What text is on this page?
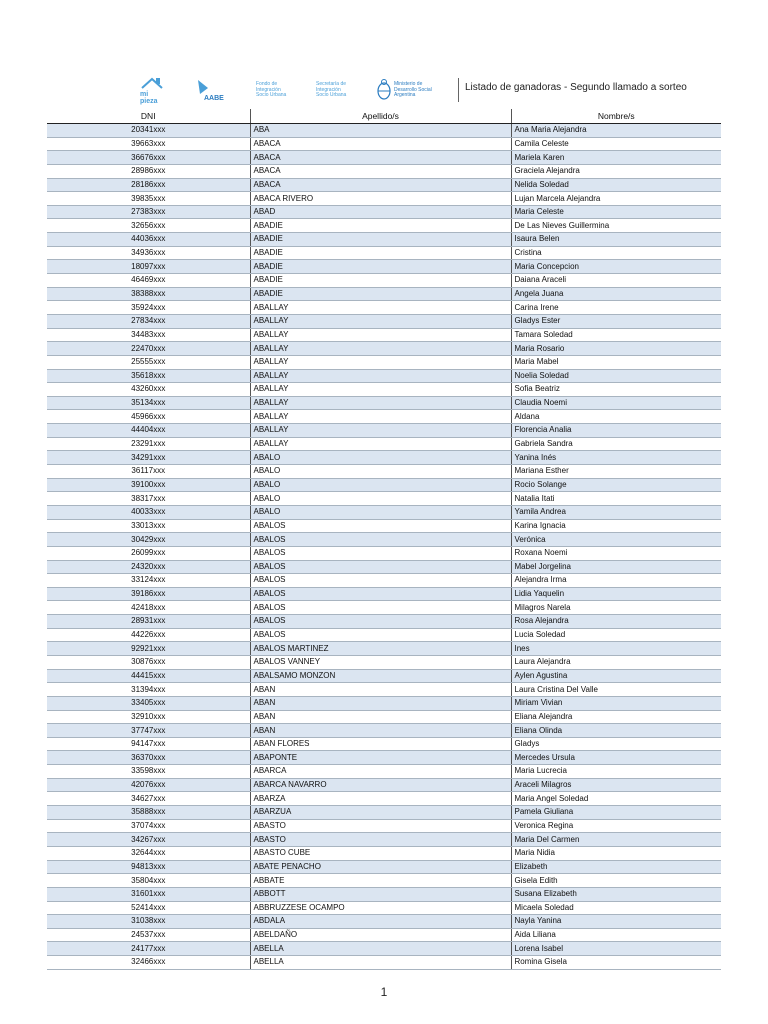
mi
pieza	AABE
Fondo de
Integración
Socio Urbana
Secretaría de
Integración
Socio Urbana
Ministerio de
Desarrollo Social
Argentina
Listado de ganadoras - Segundo llamado a sorteo
DNI	Apellido/s	Nombre/s
20341xxx	ABA	Ana Maria Alejandra
39663xxx	ABACA	Camila Celeste
36676xxx	ABACA	Mariela Karen
28986xxx	ABACA	Graciela Alejandra
28186xxx	ABACA	Nelida Soledad
39835xxx	ABACA RIVERO	Lujan Marcela Alejandra
27383xxx	ABAD	Maria Celeste
32656xxx	ABADIE	De Las Nieves Guillermina
44036xxx	ABADIE	Isaura Belen
34936xxx	ABADIE	Cristina
18097xxx	ABADIE	Maria Concepcion
46469xxx	ABADIE	Daiana Araceli
38388xxx	ABADIE	Angela Juana
35924xxx	ABALLAY	Carina Irene
27834xxx	ABALLAY	Gladys Ester
34483xxx	ABALLAY	Tamara Soledad
22470xxx	ABALLAY	Maria Rosario
25555xxx	ABALLAY	Maria Mabel
35618xxx	ABALLAY	Noelia Soledad
43260xxx	ABALLAY	Sofia Beatriz
35134xxx	ABALLAY	Claudia Noemi
45966xxx	ABALLAY	Aldana
44404xxx	ABALLAY	Florencia Analia
23291xxx	ABALLAY	Gabriela Sandra
34291xxx	ABALO	Yanina Inés
36117xxx	ABALO	Mariana Esther
39100xxx	ABALO	Rocio Solange
38317xxx	ABALO	Natalia Itati
40033xxx	ABALO	Yamila Andrea
33013xxx	ABALOS	Karina Ignacia
30429xxx	ABALOS	Verónica
26099xxx	ABALOS	Roxana Noemi
24320xxx	ABALOS	Mabel Jorgelina
33124xxx	ABALOS	Alejandra Irma
39186xxx	ABALOS	Lidia Yaquelin
42418xxx	ABALOS	Milagros Narela
28931xxx	ABALOS	Rosa Alejandra
44226xxx	ABALOS	Lucia Soledad
92921xxx	ABALOS MARTINEZ	Ines
30876xxx	ABALOS VANNEY	Laura Alejandra
44415xxx	ABALSAMO MONZON	Aylen Agustina
31394xxx	ABAN	Laura Cristina Del Valle
33405xxx	ABAN	Miriam Vivian
32910xxx	ABAN	Eliana Alejandra
37747xxx	ABAN	Eliana Olinda
94147xxx	ABAN FLORES	Gladys
36370xxx	ABAPONTE	Mercedes Ursula
33598xxx	ABARCA	Maria Lucrecia
42076xxx	ABARCA NAVARRO	Araceli Milagros
34627xxx	ABARZA	Maria Angel Soledad
35888xxx	ABARZUA	Pamela Giuliana
37074xxx	ABASTO	Veronica Regina
34267xxx	ABASTO	Maria Del Carmen
32644xxx	ABASTO CUBE	Maria Nidia
94813xxx	ABATE PENACHO	Elizabeth
35804xxx	ABBATE	Gisela Edith
31601xxx	ABBOTT	Susana Elizabeth
52414xxx	ABBRUZZESE OCAMPO	Micaela Soledad
31038xxx	ABDALA	Nayla Yanina
24537xxx	ABELDAÑO	Aida Liliana
24177xxx	ABELLA	Lorena Isabel
32466xxx	ABELLA	Romina Gisela
1
